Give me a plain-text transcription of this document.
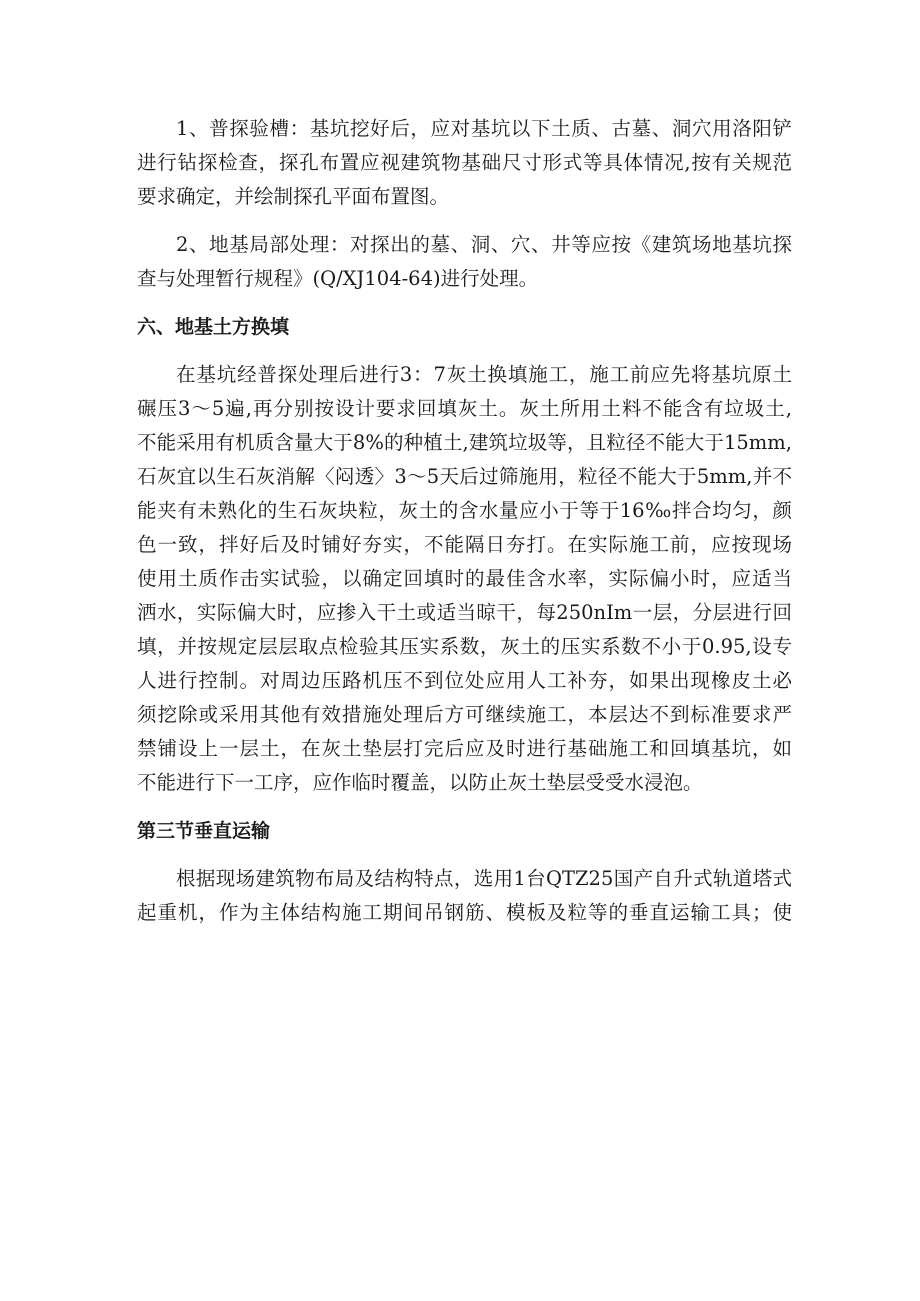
1、普探验槽：基坑挖好后，应对基坑以下土质、古墓、洞穴用洛阳铲
进行钻探检查，探孔布置应视建筑物基础尺寸形式等具体情况,按有关规范
要求确定，并绘制探孔平面布置图。
2、地基局部处理：对探出的墓、洞、穴、井等应按《建筑场地基坑探
查与处理暂行规程》(Q/XJ104-64)进行处理。
六、地基土方换填
在基坑经普探处理后进行3：7灰土换填施工，施工前应先将基坑原土
碾压3〜5遍,再分别按设计要求回填灰土。灰土所用土料不能含有垃圾土,
不能采用有机质含量大于8%的种植土,建筑垃圾等，且粒径不能大于15mm,
石灰宜以生石灰消解〈闷透〉3〜5天后过筛施用，粒径不能大于5mm,并不
能夹有未熟化的生石灰块粒，灰土的含水量应小于等于16‰拌合均匀，颜
色一致，拌好后及时铺好夯实，不能隔日夯打。在实际施工前，应按现场
使用土质作击实试验，以确定回填时的最佳含水率，实际偏小时，应适当
洒水，实际偏大时，应掺入干土或适当晾干，每250nIm一层，分层进行回
填，并按规定层层取点检验其压实系数，灰土的压实系数不小于0.95,设专
人进行控制。对周边压路机压不到位处应用人工补夯，如果出现橡皮土必
须挖除或采用其他有效措施处理后方可继续施工，本层达不到标准要求严
禁铺设上一层土，在灰土垫层打完后应及时进行基础施工和回填基坑，如
不能进行下一工序，应作临时覆盖，以防止灰土垫层受受水浸泡。
第三节垂直运输
根据现场建筑物布局及结构特点，选用1台QTZ25国产自升式轨道塔式
起重机，作为主体结构施工期间吊钢筋、模板及粒等的垂直运输工具；使
